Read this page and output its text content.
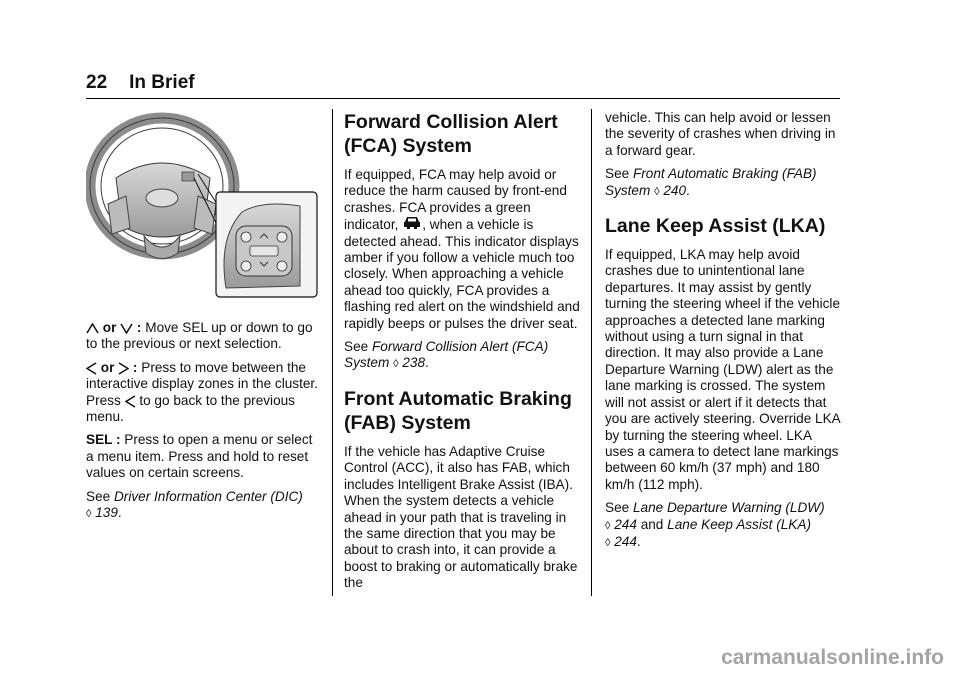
22 In Brief

or  : Move SEL up or down to go to the previous or next selection.

or  : Press to move between the interactive display zones in the cluster. Press to go back to the previous menu.

SEL : Press to open a menu or select a menu item. Press and hold to reset values on certain screens.

See Driver Information Center (DIC)
◊ 139.

Forward Collision Alert (FCA) System

If equipped, FCA may help avoid or reduce the harm caused by front-end crashes. FCA provides a green indicator, , when a vehicle is detected ahead. This indicator displays amber if you follow a vehicle much too closely. When approaching a vehicle ahead too quickly, FCA provides a flashing red alert on the windshield and rapidly beeps or pulses the driver seat.

See Forward Collision Alert (FCA) System ◊ 238.

Front Automatic Braking (FAB) System

If the vehicle has Adaptive Cruise Control (ACC), it also has FAB, which includes Intelligent Brake Assist (IBA). When the system detects a vehicle ahead in your path that is traveling in the same direction that you may be about to crash into, it can provide a boost to braking or automatically brake the

vehicle. This can help avoid or lessen the severity of crashes when driving in a forward gear.

See Front Automatic Braking (FAB) System ◊ 240.

Lane Keep Assist (LKA)

If equipped, LKA may help avoid crashes due to unintentional lane departures. It may assist by gently turning the steering wheel if the vehicle approaches a detected lane marking without using a turn signal in that direction. It may also provide a Lane Departure Warning (LDW) alert as the lane marking is crossed. The system will not assist or alert if it detects that you are actively steering. Override LKA by turning the steering wheel. LKA uses a camera to detect lane markings between 60 km/h (37 mph) and 180 km/h (112 mph).

See Lane Departure Warning (LDW)
◊ 244 and Lane Keep Assist (LKA)
◊ 244.

carmanualsonline.info
